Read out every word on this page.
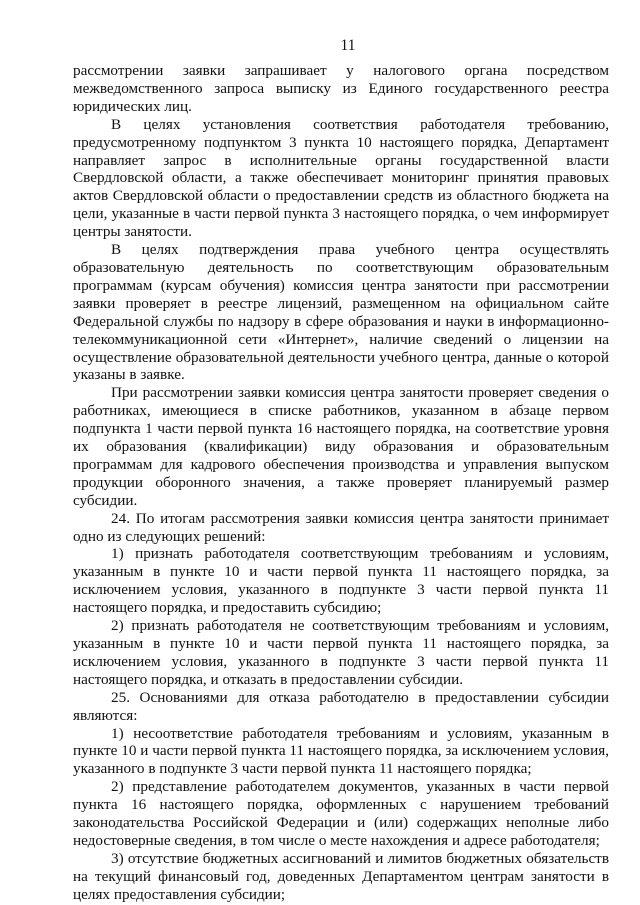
11

рассмотрении заявки запрашивает у налогового органа посредством межведомственного запроса выписку из Единого государственного реестра юридических лиц.

В целях установления соответствия работодателя требованию, предусмотренному подпунктом 3 пункта 10 настоящего порядка, Департамент направляет запрос в исполнительные органы государственной власти Свердловской области, а также обеспечивает мониторинг принятия правовых актов Свердловской области о предоставлении средств из областного бюджета на цели, указанные в части первой пункта 3 настоящего порядка, о чем информирует центры занятости.

В целях подтверждения права учебного центра осуществлять образовательную деятельность по соответствующим образовательным программам (курсам обучения) комиссия центра занятости при рассмотрении заявки проверяет в реестре лицензий, размещенном на официальном сайте Федеральной службы по надзору в сфере образования и науки в информационно-телекоммуникационной сети «Интернет», наличие сведений о лицензии на осуществление образовательной деятельности учебного центра, данные о которой указаны в заявке.

При рассмотрении заявки комиссия центра занятости проверяет сведения о работниках, имеющиеся в списке работников, указанном в абзаце первом подпункта 1 части первой пункта 16 настоящего порядка, на соответствие уровня их образования (квалификации) виду образования и образовательным программам для кадрового обеспечения производства и управления выпуском продукции оборонного значения, а также проверяет планируемый размер субсидии.

24. По итогам рассмотрения заявки комиссия центра занятости принимает одно из следующих решений:

1) признать работодателя соответствующим требованиям и условиям, указанным в пункте 10 и части первой пункта 11 настоящего порядка, за исключением условия, указанного в подпункте 3 части первой пункта 11 настоящего порядка, и предоставить субсидию;

2) признать работодателя не соответствующим требованиям и условиям, указанным в пункте 10 и части первой пункта 11 настоящего порядка, за исключением условия, указанного в подпункте 3 части первой пункта 11 настоящего порядка, и отказать в предоставлении субсидии.

25. Основаниями для отказа работодателю в предоставлении субсидии являются:

1) несоответствие работодателя требованиям и условиям, указанным в пункте 10 и части первой пункта 11 настоящего порядка, за исключением условия, указанного в подпункте 3 части первой пункта 11 настоящего порядка;

2) представление работодателем документов, указанных в части первой пункта 16 настоящего порядка, оформленных с нарушением требований законодательства Российской Федерации и (или) содержащих неполные либо недостоверные сведения, в том числе о месте нахождения и адресе работодателя;

3) отсутствие бюджетных ассигнований и лимитов бюджетных обязательств на текущий финансовый год, доведенных Департаментом центрам занятости в целях предоставления субсидии;
